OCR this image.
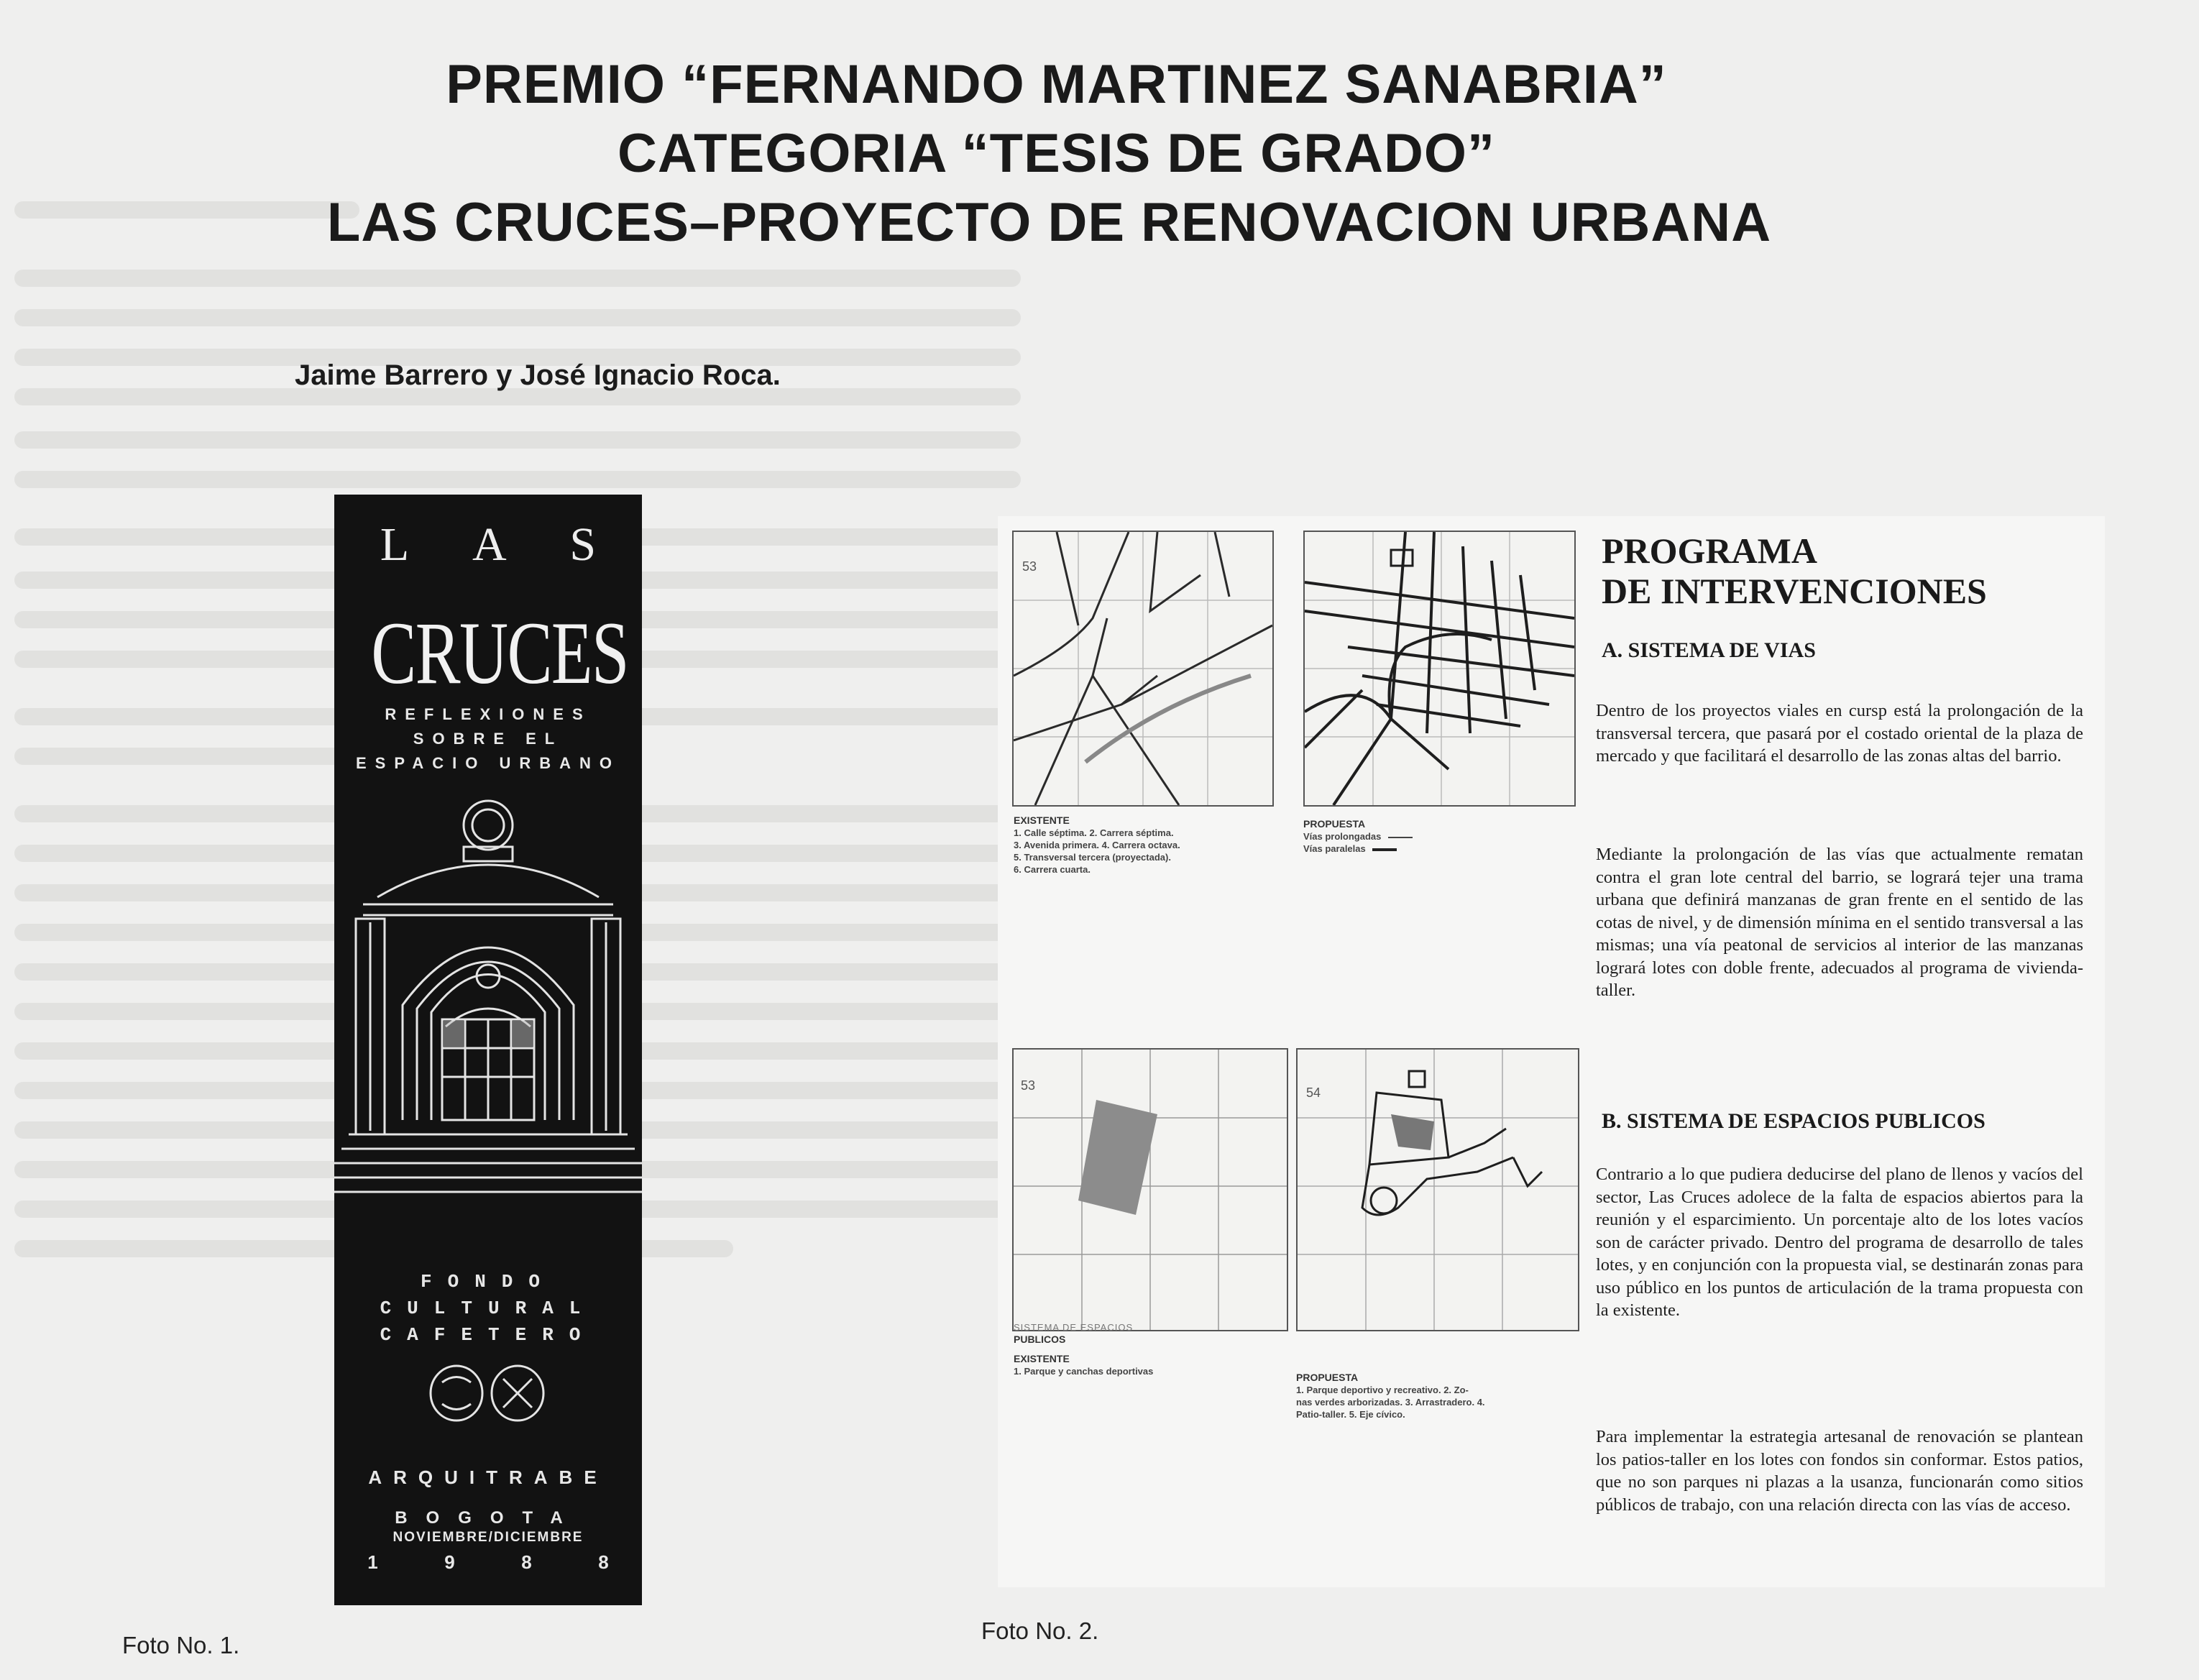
PREMIO “FERNANDO MARTINEZ SANABRIA”
CATEGORIA “TESIS DE GRADO”
LAS CRUCES–PROYECTO DE RENOVACION URBANA
Jaime Barrero y José Ignacio Roca.
L A S
CRUCES
REFLEXIONES
SOBRE EL
ESPACIO URBANO
FONDO
CULTURAL
CAFETERO
ARQUITRABE
BOGOTA
NOVIEMBRE/DICIEMBRE
1	9	8	8
Foto No. 1.
Foto No. 2.
53
EXISTENTE
1. Calle séptima. 2. Carrera séptima.
3. Avenida primera. 4. Carrera octava.
5. Transversal tercera (proyectada).
6. Carrera cuarta.
PROPUESTA
Vías prolongadas
Vías paralelas
53	54
SISTEMA DE ESPACIOS
PUBLICOS
EXISTENTE
1. Parque y canchas deportivas
PROPUESTA
1. Parque deportivo y recreativo. 2. Zo-
nas verdes arborizadas. 3. Arrastradero. 4.
Patio-taller. 5. Eje cívico.
PROGRAMA
DE INTERVENCIONES
A. SISTEMA DE VIAS
Dentro de los proyectos viales en cursp está la prolongación de la transversal tercera, que pasará por el costado oriental de la plaza de mercado y que facilitará el desarrollo de las zonas altas del barrio.
Mediante la prolongación de las vías que actualmente rematan contra el gran lote central del barrio, se logrará tejer una trama urbana que definirá manzanas de gran frente en el sentido de las cotas de nivel, y de dimensión mínima en el sentido transversal a las mismas; una vía peatonal de servicios al interior de las manzanas logrará lotes con doble frente, adecuados al programa de vivienda-taller.
B. SISTEMA DE ESPACIOS PUBLICOS
Contrario a lo que pudiera deducirse del plano de llenos y vacíos del sector, Las Cruces adolece de la falta de espacios abiertos para la reunión y el esparcimiento. Un porcentaje alto de los lotes vacíos son de carácter privado. Dentro del programa de desarrollo de tales lotes, y en conjunción con la propuesta vial, se destinarán zonas para uso público en los puntos de articulación de la trama propuesta con la existente.
Para implementar la estrategia artesanal de renovación se plantean los patios-taller en los lotes con fondos sin conformar. Estos patios, que no son parques ni plazas a la usanza, funcionarán como sitios públicos de trabajo, con una relación directa con las vías de acceso.
